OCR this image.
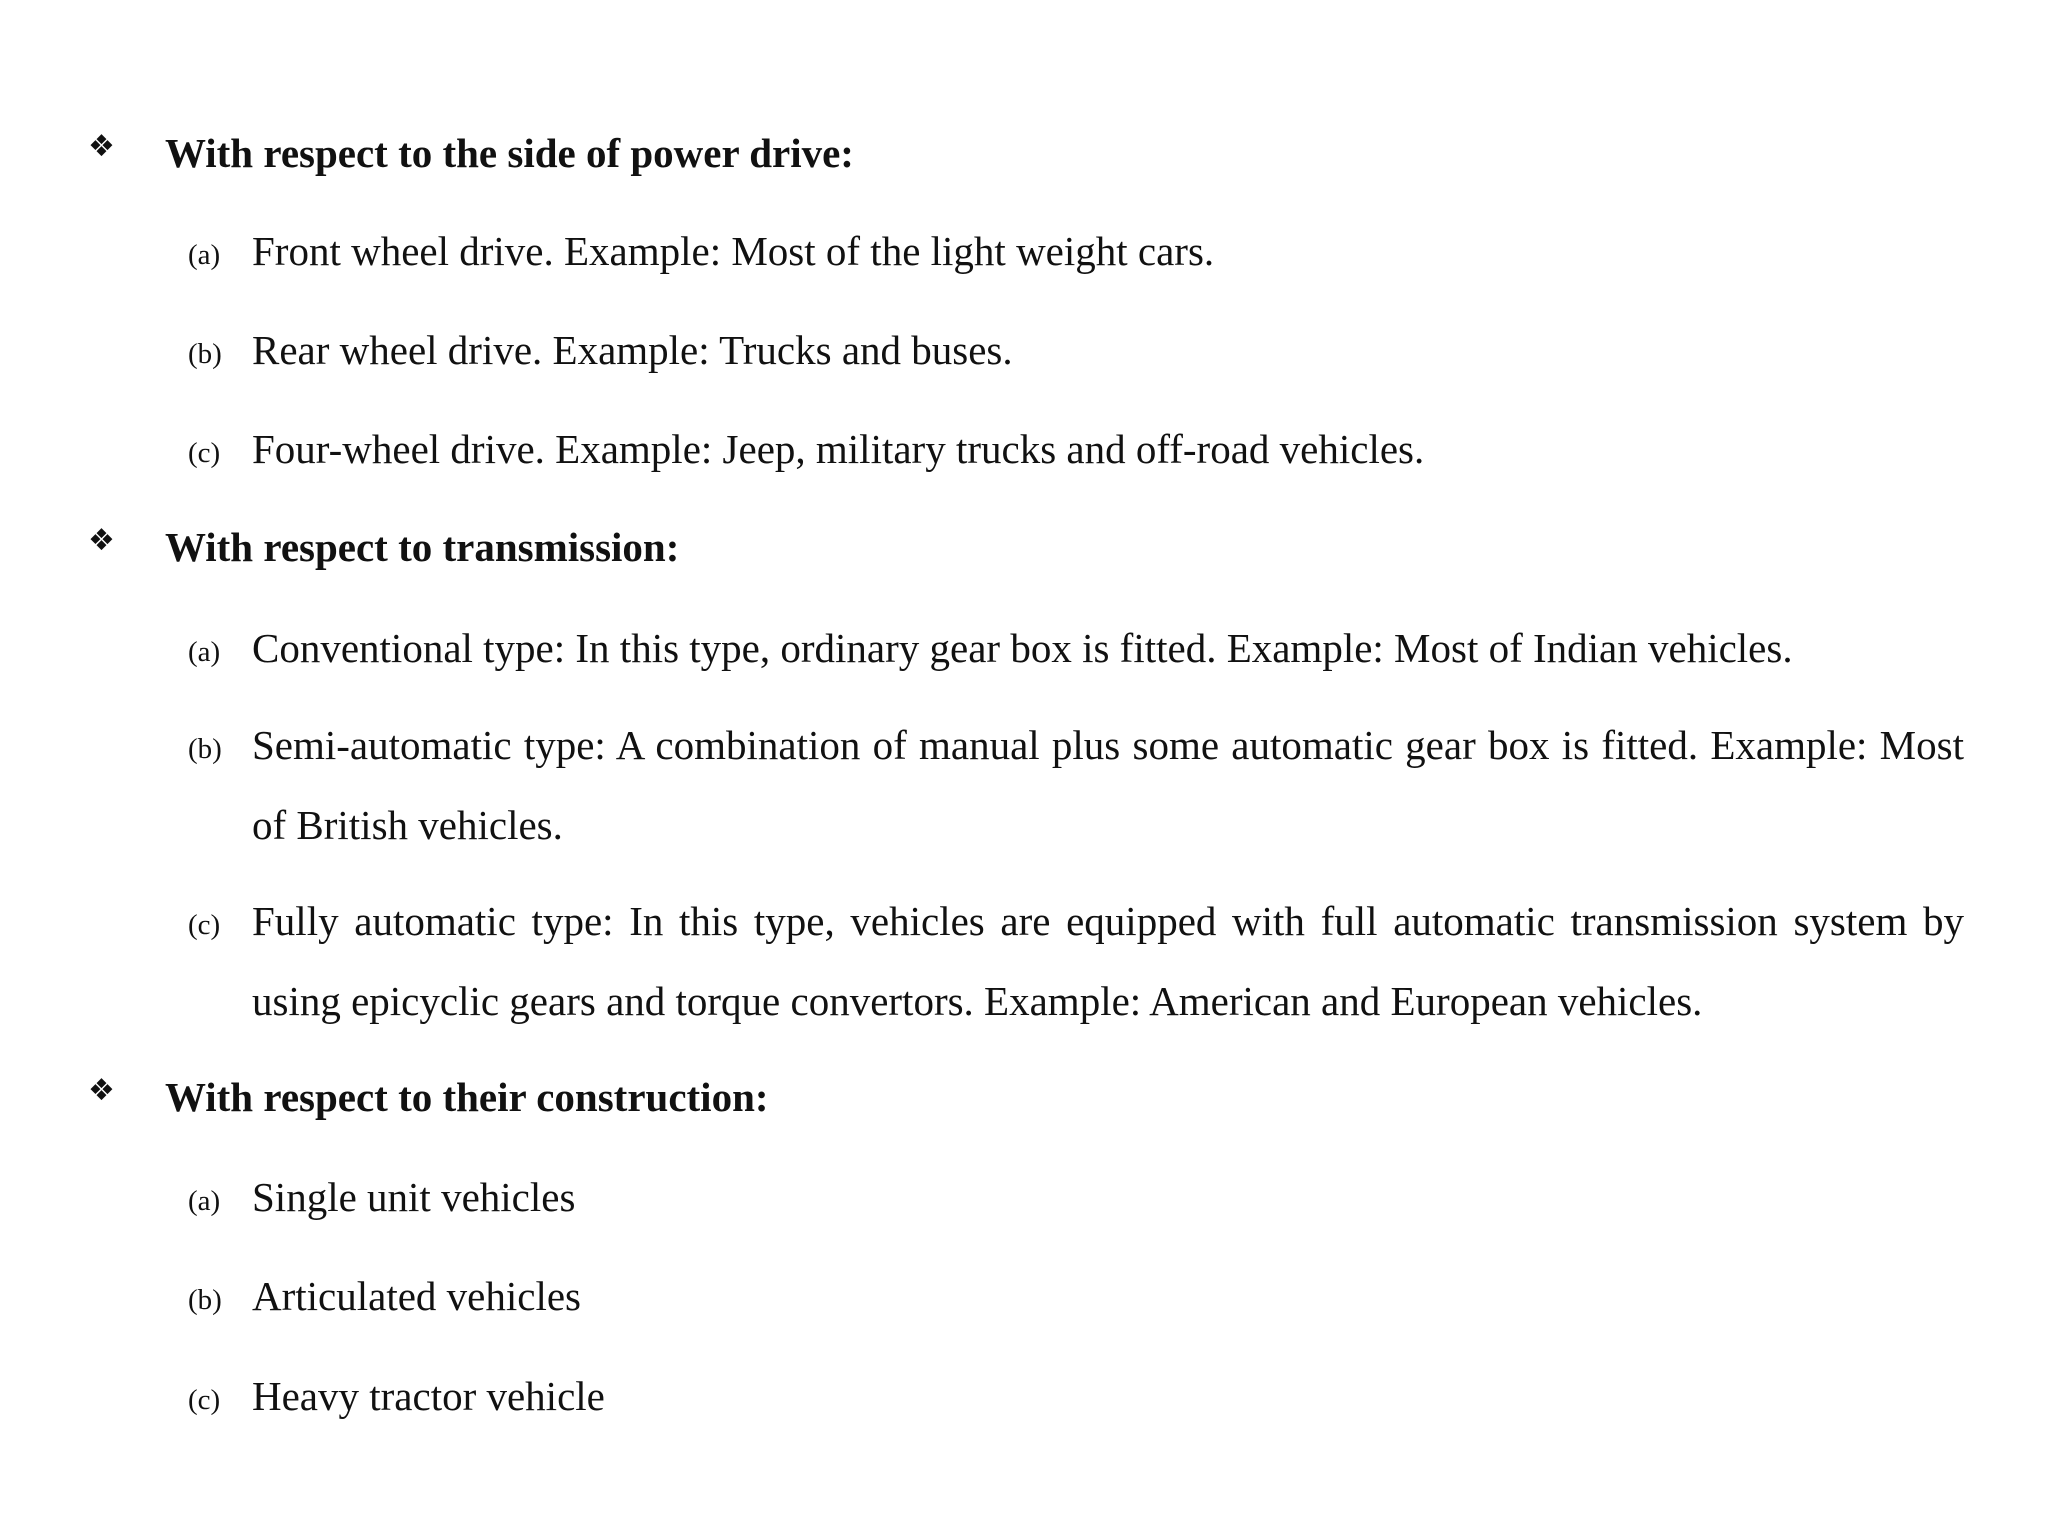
❖ With respect to the side of power drive:
(a) Front wheel drive. Example: Most of the light weight cars.
(b) Rear wheel drive. Example: Trucks and buses.
(c) Four-wheel drive. Example: Jeep, military trucks and off-road vehicles.
❖ With respect to transmission:
(a) Conventional type: In this type, ordinary gear box is fitted. Example: Most of Indian vehicles.
(b) Semi-automatic type: A combination of manual plus some automatic gear box is fitted. Example: Most of British vehicles.
(c) Fully automatic type: In this type, vehicles are equipped with full automatic transmission system by using epicyclic gears and torque convertors. Example: American and European vehicles.
❖ With respect to their construction:
(a) Single unit vehicles
(b) Articulated vehicles
(c) Heavy tractor vehicle
